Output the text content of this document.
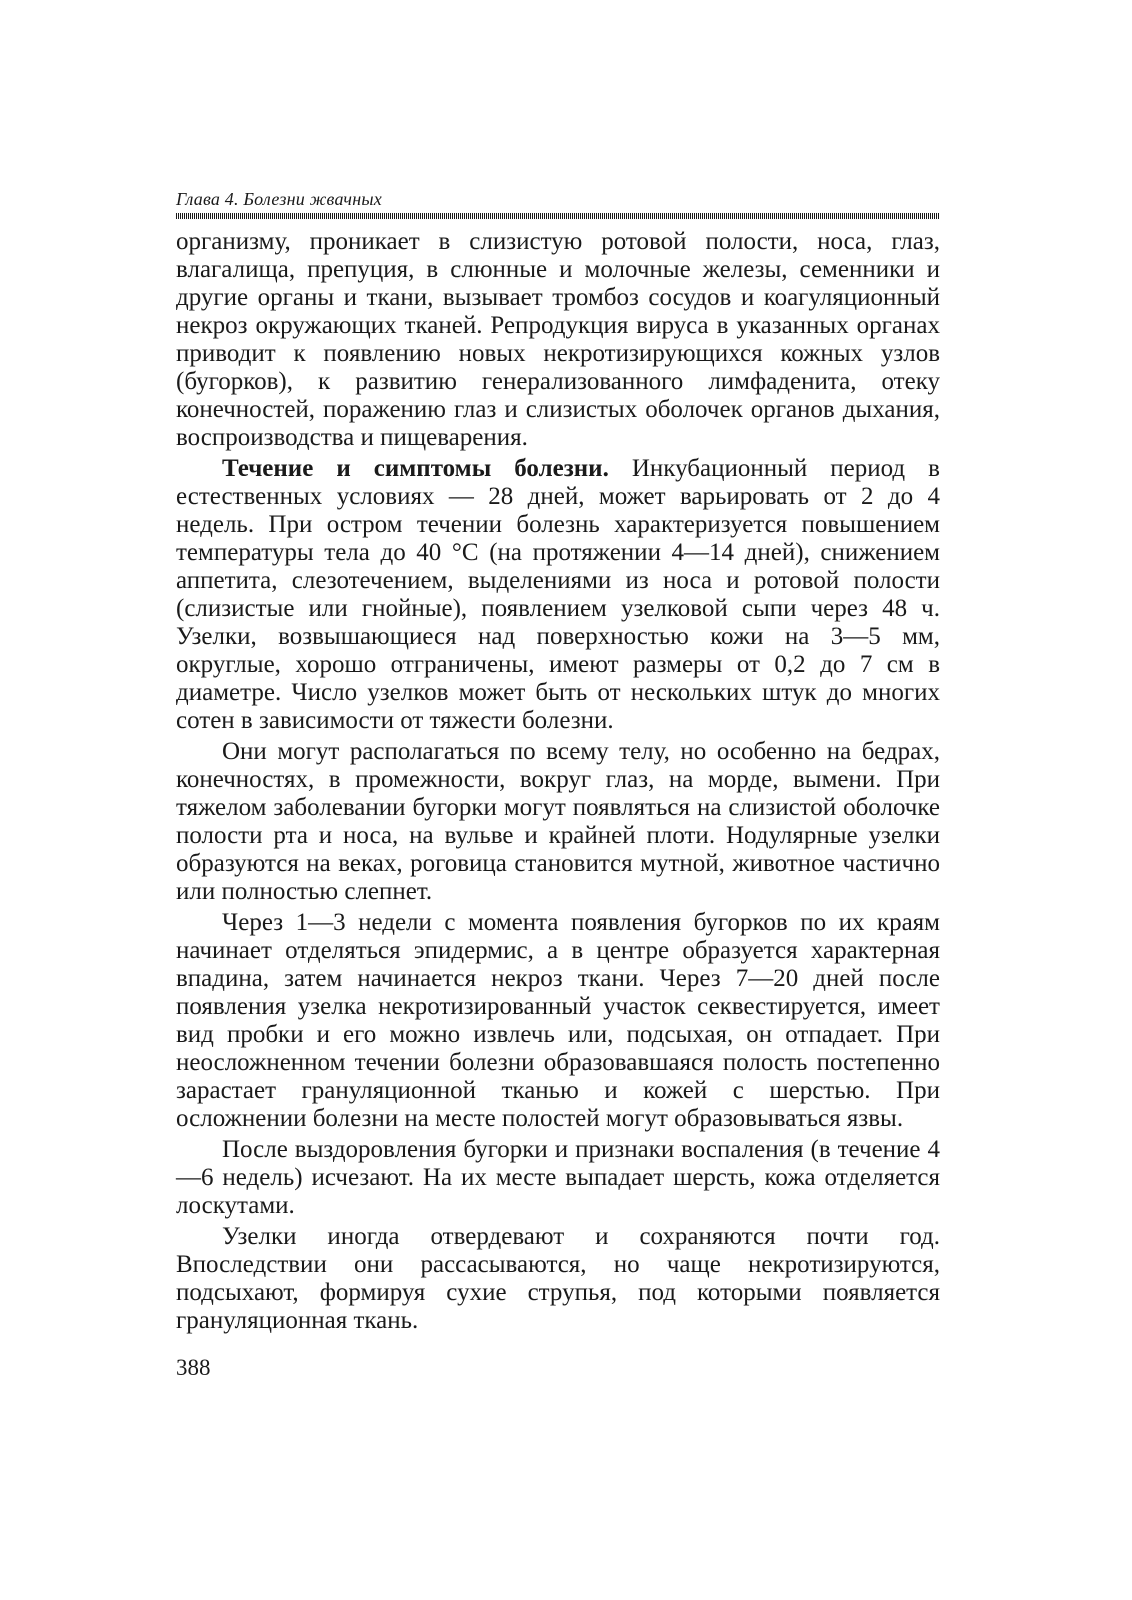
Глава 4. Болезни жвачных

организму, проникает в слизистую ротовой полости, носа, глаз, влагалища, препуция, в слюнные и молочные железы, семенники и другие органы и ткани, вызывает тромбоз сосудов и коагуляционный некроз окружающих тканей. Репродукция вируса в указанных органах приводит к появлению новых некротизирующихся кожных узлов (бугорков), к развитию генерализованного лимфаденита, отеку конечностей, поражению глаз и слизистых оболочек органов дыхания, воспроизводства и пищеварения.

Течение и симптомы болезни. Инкубационный период в естественных условиях — 28 дней, может варьировать от 2 до 4 недель. При остром течении болезнь характеризуется повышением температуры тела до 40 °С (на протяжении 4—14 дней), снижением аппетита, слезотечением, выделениями из носа и ротовой полости (слизистые или гнойные), появлением узелковой сыпи через 48 ч. Узелки, возвышающиеся над поверхностью кожи на 3—5 мм, округлые, хорошо отграничены, имеют размеры от 0,2 до 7 см в диаметре. Число узелков может быть от нескольких штук до многих сотен в зависимости от тяжести болезни.

Они могут располагаться по всему телу, но особенно на бедрах, конечностях, в промежности, вокруг глаз, на морде, вымени. При тяжелом заболевании бугорки могут появляться на слизистой оболочке полости рта и носа, на вульве и крайней плоти. Нодулярные узелки образуются на веках, роговица становится мутной, животное частично или полностью слепнет.

Через 1—3 недели с момента появления бугорков по их краям начинает отделяться эпидермис, а в центре образуется характерная впадина, затем начинается некроз ткани. Через 7—20 дней после появления узелка некротизированный участок секвестируется, имеет вид пробки и его можно извлечь или, подсыхая, он отпадает. При неосложненном течении болезни образовавшаяся полость постепенно зарастает грануляционной тканью и кожей с шерстью. При осложнении болезни на месте полостей могут образовываться язвы.

После выздоровления бугорки и признаки воспаления (в течение 4—6 недель) исчезают. На их месте выпадает шерсть, кожа отделяется лоскутами.

Узелки иногда отвердевают и сохраняются почти год. Впоследствии они рассасываются, но чаще некротизируются, подсыхают, формируя сухие струпья, под которыми появляется грануляционная ткань.

388
